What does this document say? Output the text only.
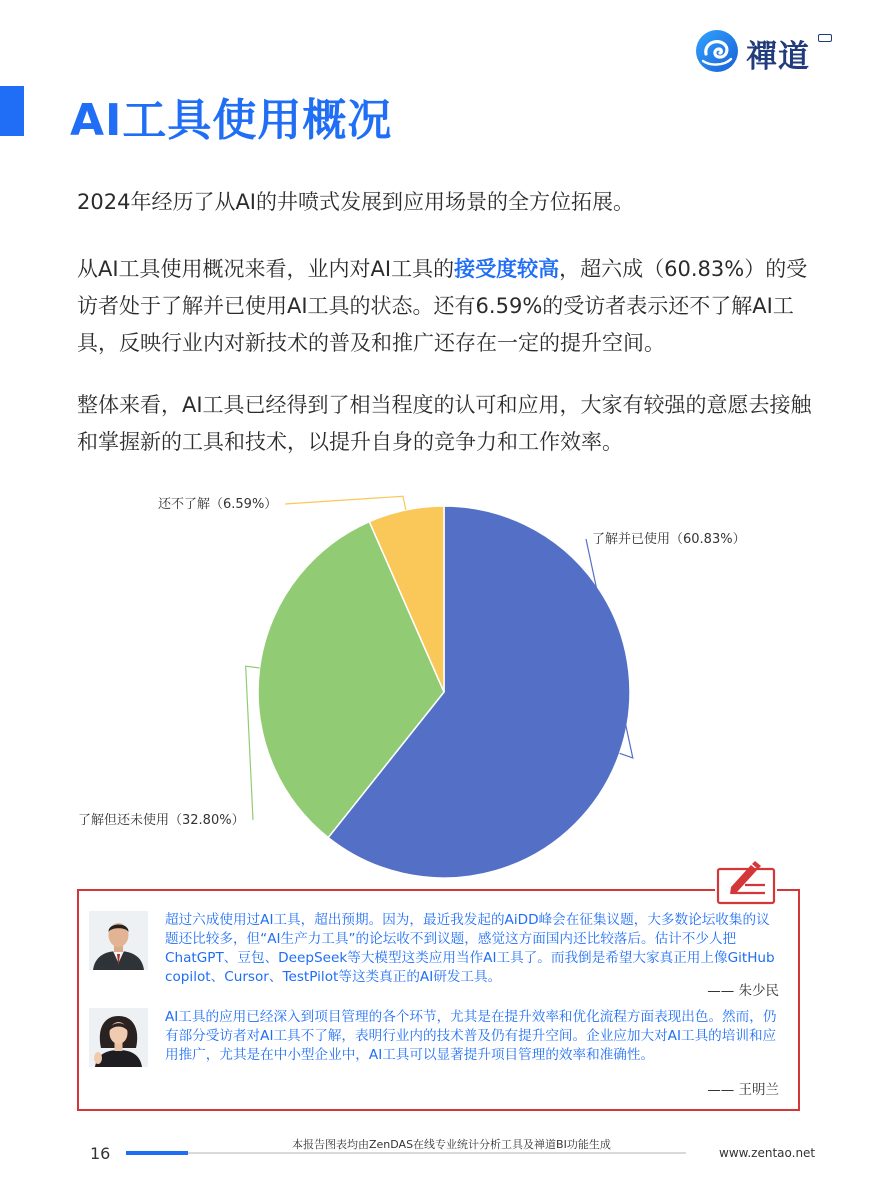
AI工具使用概况
禪道

2024年经历了从AI的井喷式发展到应用场景的全方位拓展。

从AI工具使用概况来看，业内对AI工具的接受度较高，超六成（60.83%）的受访者处于了解并已使用AI工具的状态。还有6.59%的受访者表示还不了解AI工具，反映行业内对新技术的普及和推广还存在一定的提升空间。

整体来看，AI工具已经得到了相当程度的认可和应用，大家有较强的意愿去接触和掌握新的工具和技术，以提升自身的竞争力和工作效率。

了解并已使用（60.83%）
了解但还未使用（32.80%）
还不了解（6.59%）

超过六成使用过AI工具，超出预期。因为，最近我发起的AiDD峰会在征集议题，大多数论坛收集的议题还比较多，但“AI生产力工具”的论坛收不到议题，感觉这方面国内还比较落后。估计不少人把ChatGPT、豆包、DeepSeek等大模型这类应用当作AI工具了。而我倒是希望大家真正用上像GitHub copilot、Cursor、TestPilot等这类真正的AI研发工具。

—— 朱少民

AI工具的应用已经深入到项目管理的各个环节，尤其是在提升效率和优化流程方面表现出色。然而，仍有部分受访者对AI工具不了解，表明行业内的技术普及仍有提升空间。企业应加大对AI工具的培训和应用推广，尤其是在中小型企业中，AI工具可以显著提升项目管理的效率和准确性。

—— 王明兰
16	本报告图表均由ZenDAS在线专业统计分析工具及禅道BI功能生成
www.zentao.net
